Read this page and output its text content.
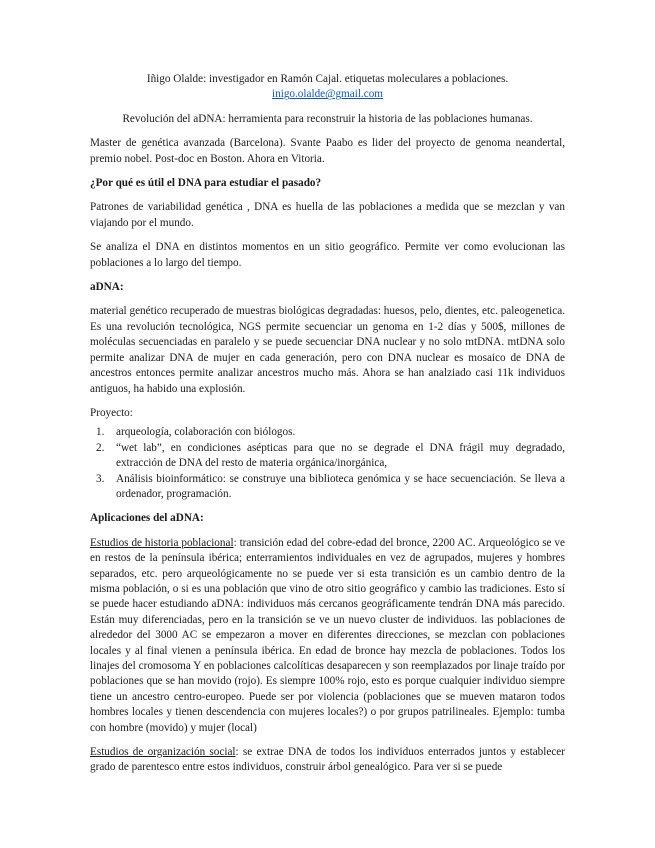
Iñigo Olalde: investigador en Ramón Cajal. etiquetas moleculares a poblaciones.

inigo.olalde@gmail.com

Revolución del aDNA: herramienta para reconstruir la historia de las poblaciones humanas.

Master de genética avanzada (Barcelona). Svante Paabo es lider del proyecto de genoma neandertal, premio nobel. Post-doc en Boston. Ahora en Vitoria.

¿Por qué es útil el DNA para estudiar el pasado?

Patrones de variabilidad genética , DNA es huella de las poblaciones a medida que se mezclan y van viajando por el mundo.

Se analiza el DNA en distintos momentos en un sitio geográfico. Permite ver como evolucionan las poblaciones a lo largo del tiempo.

aDNA:

material genético recuperado de muestras biológicas degradadas: huesos, pelo, dientes, etc. paleogenetica. Es una revolución tecnológica, NGS permite secuenciar un genoma en 1-2 días y 500$, millones de moléculas secuenciadas en paralelo y se puede secuenciar DNA nuclear y no solo mtDNA. mtDNA solo permite analizar DNA de mujer en cada generación, pero con DNA nuclear es mosaico de DNA de ancestros entonces permite analizar ancestros mucho más. Ahora se han analziado casi 11k individuos antiguos, ha habido una explosión.

Proyecto:

1.	arqueología, colaboración con biólogos.
2.	“wet lab”, en condiciones asépticas para que no se degrade el DNA frágil muy degradado, extracción de DNA del resto de materia orgánica/inorgánica,
3.	Análisis bioinformático: se construye una biblioteca genómica y se hace secuenciación. Se lleva a ordenador, programación.

Aplicaciones del aDNA:

Estudios de historia poblacional: transición edad del cobre-edad del bronce, 2200 AC. Arqueológico se ve en restos de la península ibérica; enterramientos individuales en vez de agrupados, mujeres y hombres separados, etc. pero arqueológicamente no se puede ver si esta transición es un cambio dentro de la misma población, o si es una población que vino de otro sitio geográfico y cambio las tradiciones. Esto sí se puede hacer estudiando aDNA: individuos más cercanos geográficamente tendrán DNA más parecido. Están muy diferenciadas, pero en la transición se ve un nuevo cluster de individuos. las poblaciones de alrededor del 3000 AC se empezaron a mover en diferentes direcciones, se mezclan con poblaciones locales y al final vienen a península ibérica. En edad de bronce hay mezcla de poblaciones. Todos los linajes del cromosoma Y en poblaciones calcolíticas desaparecen y son reemplazados por linaje traído por poblaciones que se han movido (rojo). Es siempre 100% rojo, esto es porque cualquier individuo siempre tiene un ancestro centro-europeo. Puede ser por violencia (poblaciones que se mueven mataron todos hombres locales y tienen descendencia con mujeres locales?) o por grupos patrilineales. Ejemplo: tumba con hombre (movido) y mujer (local)

Estudios de organización social: se extrae DNA de todos los individuos enterrados juntos y establecer grado de parentesco entre estos individuos, construir árbol genealógico. Para ver si se puede
